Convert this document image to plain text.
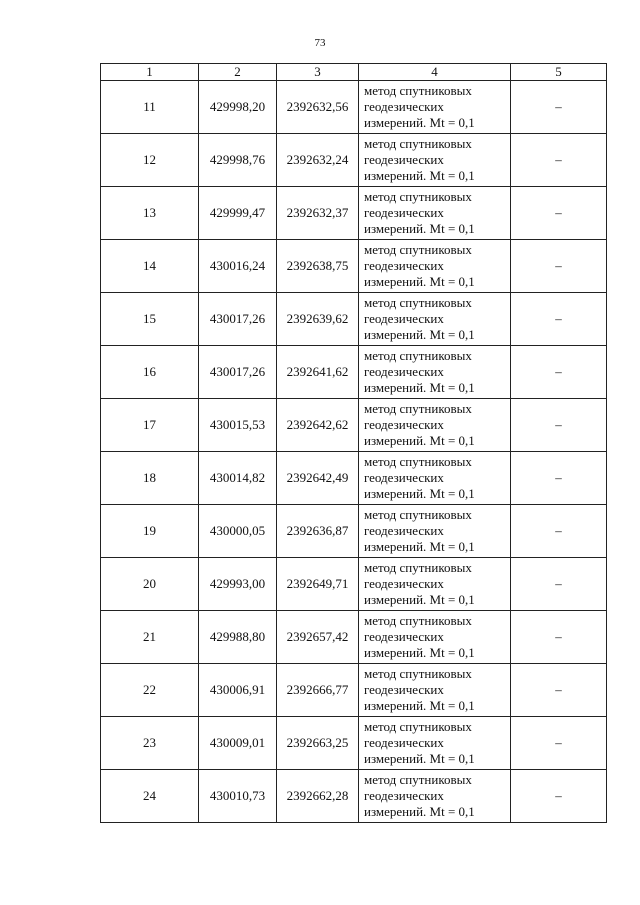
73
1	2	3	4	5
11	429998,20	2392632,56	метод спутниковых
геодезических
измерений. Mt = 0,1	–
12	429998,76	2392632,24	метод спутниковых
геодезических
измерений. Mt = 0,1	–
13	429999,47	2392632,37	метод спутниковых
геодезических
измерений. Mt = 0,1	–
14	430016,24	2392638,75	метод спутниковых
геодезических
измерений. Mt = 0,1	–
15	430017,26	2392639,62	метод спутниковых
геодезических
измерений. Mt = 0,1	–
16	430017,26	2392641,62	метод спутниковых
геодезических
измерений. Mt = 0,1	–
17	430015,53	2392642,62	метод спутниковых
геодезических
измерений. Mt = 0,1	–
18	430014,82	2392642,49	метод спутниковых
геодезических
измерений. Mt = 0,1	–
19	430000,05	2392636,87	метод спутниковых
геодезических
измерений. Mt = 0,1	–
20	429993,00	2392649,71	метод спутниковых
геодезических
измерений. Mt = 0,1	–
21	429988,80	2392657,42	метод спутниковых
геодезических
измерений. Mt = 0,1	–
22	430006,91	2392666,77	метод спутниковых
геодезических
измерений. Mt = 0,1	–
23	430009,01	2392663,25	метод спутниковых
геодезических
измерений. Mt = 0,1	–
24	430010,73	2392662,28	метод спутниковых
геодезических
измерений. Mt = 0,1	–
